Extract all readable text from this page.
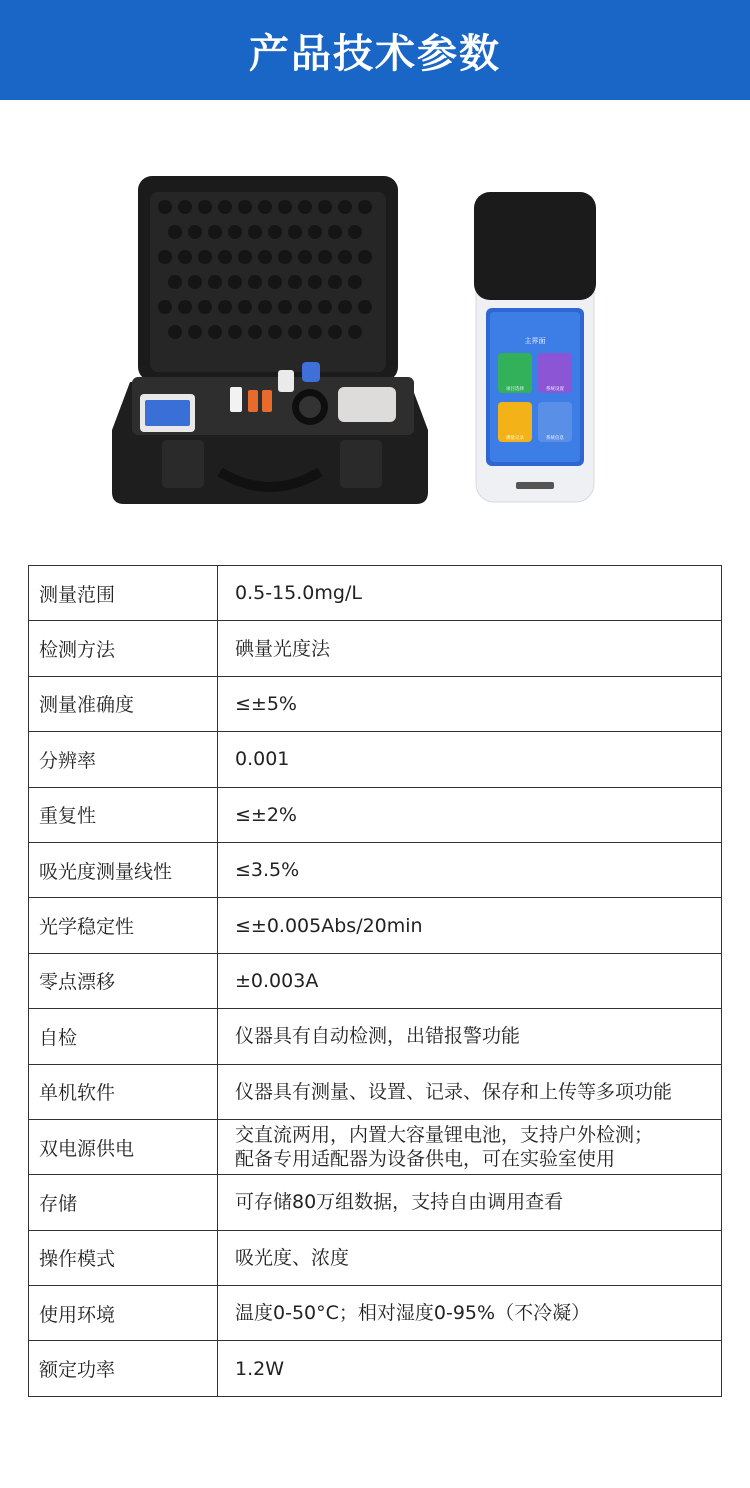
产品技术参数
主界面
项目选择	系统设置
测量记录	系统信息
测量范围	0.5-15.0mg/L
检测方法	碘量光度法
测量准确度	≤±5%
分辨率	0.001
重复性	≤±2%
吸光度测量线性	≤3.5%
光学稳定性	≤±0.005Abs/20min
零点漂移	±0.003A
自检	仪器具有自动检测，出错报警功能
单机软件	仪器具有测量、设置、记录、保存和上传等多项功能
双电源供电	交直流两用，内置大容量锂电池，支持户外检测；
配备专用适配器为设备供电，可在实验室使用

存储	可存储80万组数据，支持自由调用查看
操作模式	吸光度、浓度
使用环境	温度0-50°C；相对湿度0-95%（不冷凝）
额定功率	1.2W
